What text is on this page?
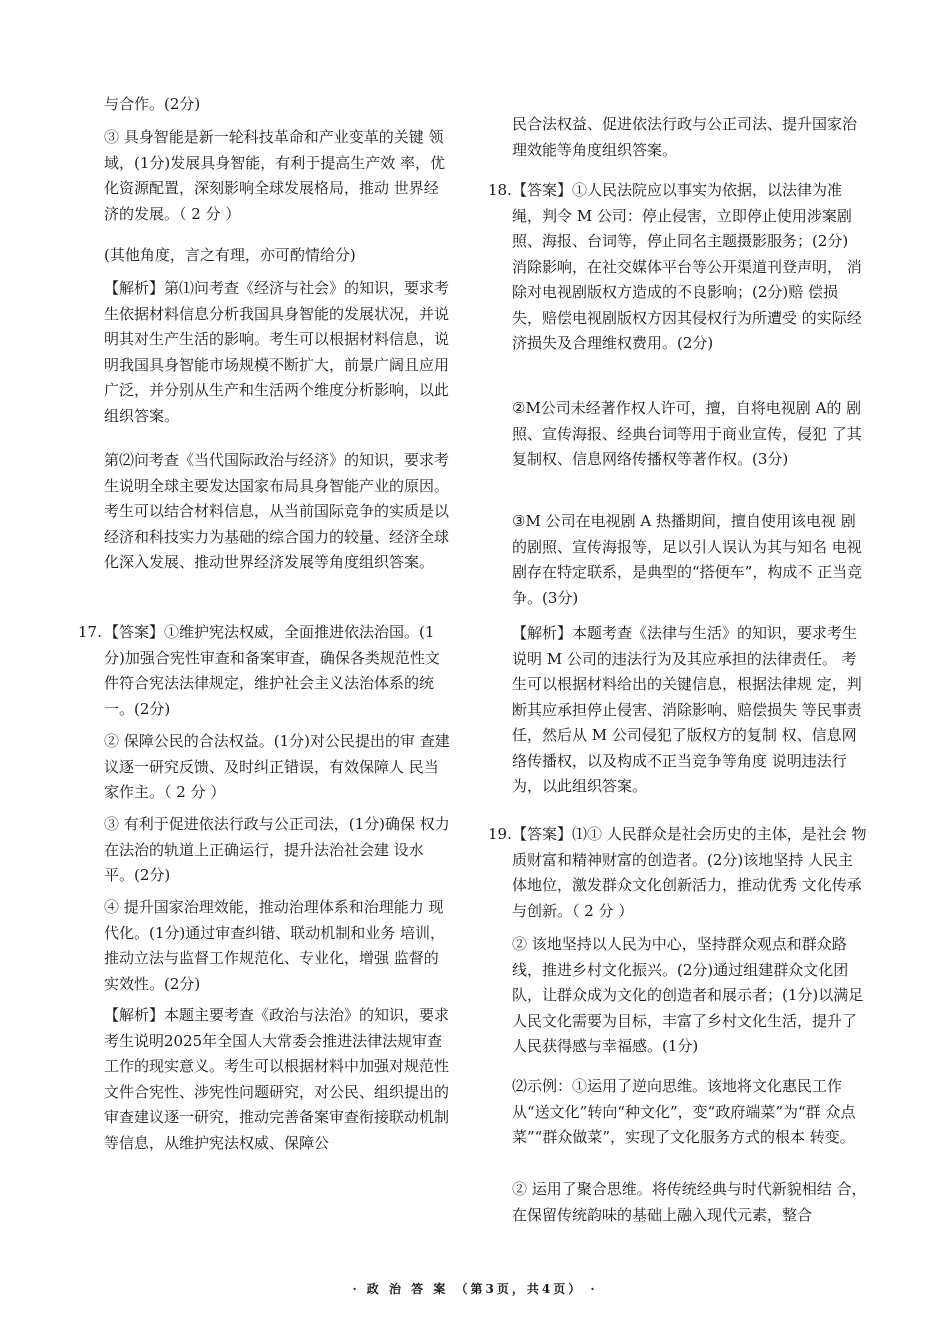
与合作。(2分)

③ 具身智能是新一轮科技革命和产业变革的关键 领域，(1分)发展具身智能，有利于提高生产效 率，优化资源配置，深刻影响全球发展格局，推动 世界经济的发展。（ 2 分 ）

(其他角度，言之有理，亦可酌情给分)

【解析】第⑴问考查《经济与社会》的知识，要求考生依据材料信息分析我国具身智能的发展状况，并说明其对生产生活的影响。考生可以根据材料信息，说明我国具身智能市场规模不断扩大，前景广阔且应用广泛，并分别从生产和生活两个维度分析影响，以此组织答案。

第⑵问考查《当代国际政治与经济》的知识，要求考生说明全球主要发达国家布局具身智能产业的原因。考生可以结合材料信息，从当前国际竞争的实质是以经济和科技实力为基础的综合国力的较量、经济全球化深入发展、推动世界经济发展等角度组织答案。

17. 【答案】①维护宪法权威，全面推进依法治国。(1分)加强合宪性审查和备案审查，确保各类规范性文件符合宪法法律规定，维护社会主义法治体系的统一。(2分)

② 保障公民的合法权益。(1分)对公民提出的审 查建议逐一研究反馈、及时纠正错误，有效保障人 民当家作主。（ 2 分 ）

③ 有利于促进依法行政与公正司法，(1分)确保 权力在法治的轨道上正确运行，提升法治社会建 设水平。(2分)

④ 提升国家治理效能，推动治理体系和治理能力 现代化。(1分)通过审查纠错、联动机制和业务 培训，推动立法与监督工作规范化、专业化，增强 监督的实效性。(2分)

【解析】本题主要考查《政治与法治》的知识，要求考生说明2025年全国人大常委会推进法律法规审查工作的现实意义。考生可以根据材料中加强对规范性文件合宪性、涉宪性问题研究，对公民、组织提出的审查建议逐一研究，推动完善备案审查衔接联动机制等信息，从维护宪法权威、保障公

民合法权益、促进依法行政与公正司法、提升国家治理效能等角度组织答案。

18. 【答案】①人民法院应以事实为依据，以法律为准绳，判令 M 公司：停止侵害，立即停止使用涉案剧 照、海报、台词等，停止同名主题摄影服务；(2分) 消除影响，在社交媒体平台等公开渠道刊登声明， 消除对电视剧版权方造成的不良影响；(2分)赔 偿损失，赔偿电视剧版权方因其侵权行为所遭受 的实际经济损失及合理维权费用。(2分)

②M公司未经著作权人许可，擅，自将电视剧 A的 剧照、宣传海报、经典台词等用于商业宣传，侵犯 了其复制权、信息网络传播权等著作权。(3分)

③M 公司在电视剧 A 热播期间，擅自使用该电视 剧的剧照、宣传海报等，足以引人误认为其与知名 电视剧存在特定联系，是典型的“搭便车”，构成不 正当竞争。(3分)

【解析】本题考查《法律与生活》的知识，要求考生说明 M 公司的违法行为及其应承担的法律责任。 考生可以根据材料给出的关键信息，根据法律规 定，判断其应承担停止侵害、消除影响、赔偿损失 等民事责任，然后从 M 公司侵犯了版权方的复制 权、信息网络传播权，以及构成不正当竞争等角度 说明违法行为，以此组织答案。

19. 【答案】⑴① 人民群众是社会历史的主体，是社会 物质财富和精神财富的创造者。(2分)该地坚持 人民主体地位，激发群众文化创新活力，推动优秀 文化传承与创新。（ 2 分 ）

② 该地坚持以人民为中心，坚持群众观点和群众路线，推进乡村文化振兴。(2分)通过组建群众文化团队，让群众成为文化的创造者和展示者；(1分)以满足人民文化需要为目标，丰富了乡村文化生活，提升了人民获得感与幸福感。(1分)

⑵示例：①运用了逆向思维。该地将文化惠民工作从“送文化”转向“种文化”，变“政府端菜”为“群 众点菜”“群众做菜”，实现了文化服务方式的根本 转变。

② 运用了聚合思维。将传统经典与时代新貌相结 合，在保留传统韵味的基础上融入现代元素，整合

· 政 治 答 案 （第3页，共4页） ·
